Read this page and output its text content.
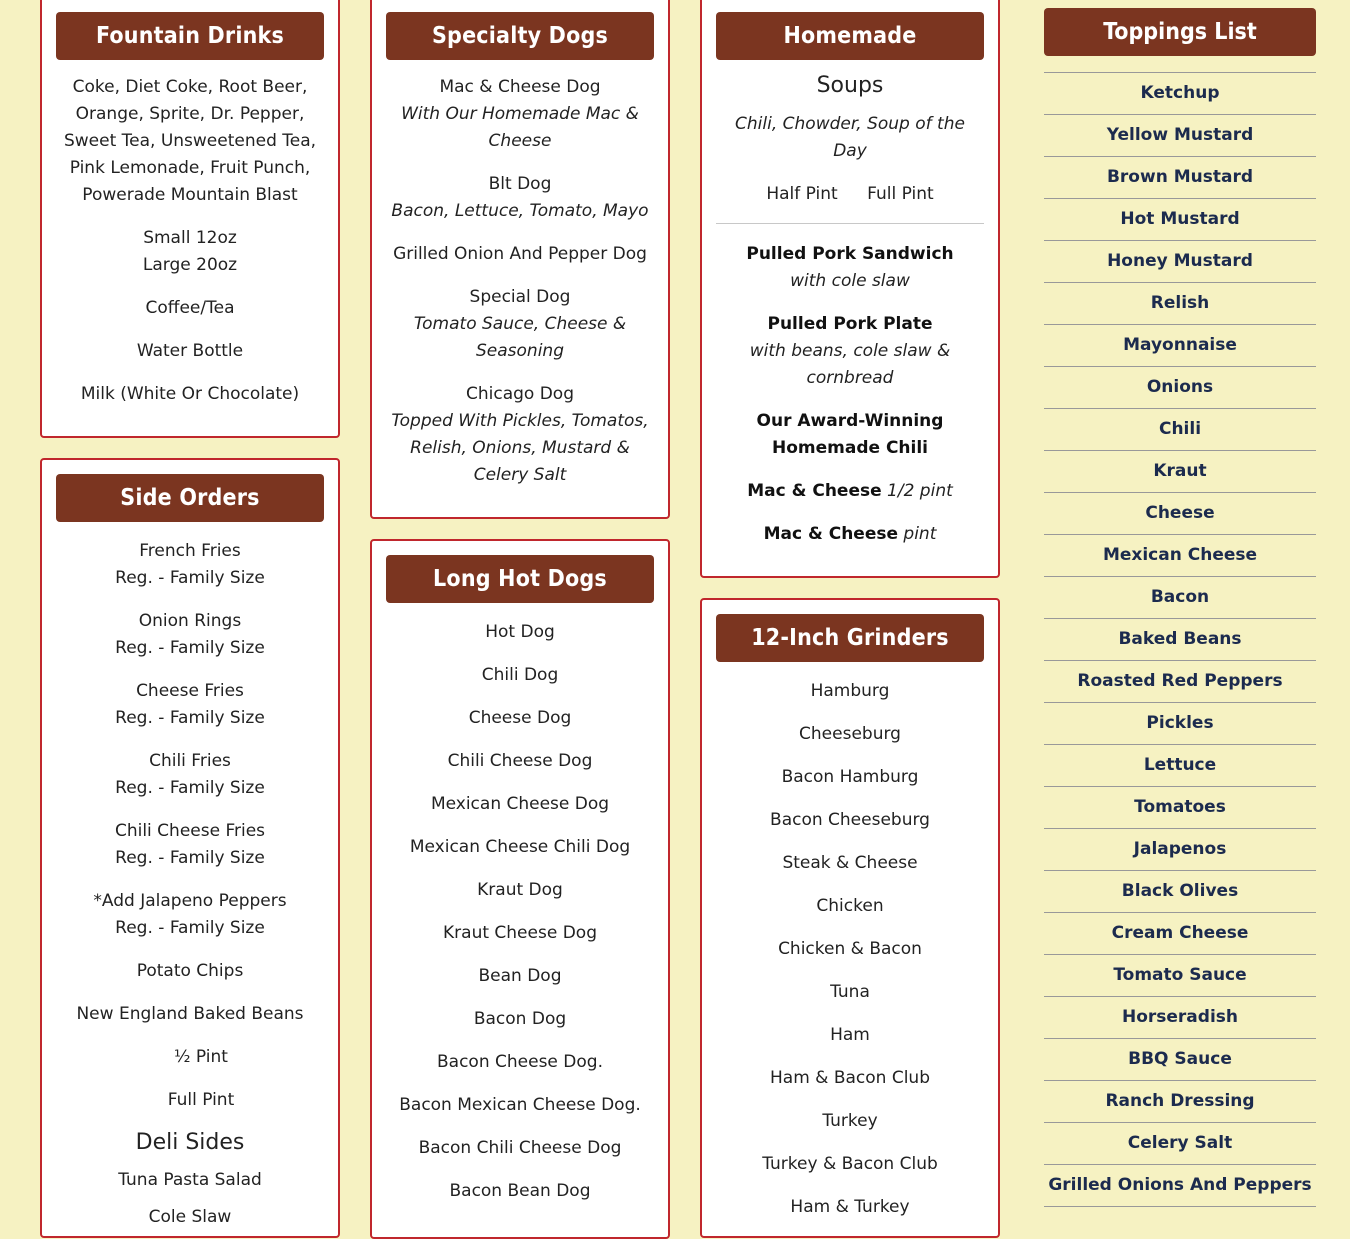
Fountain Drinks
Coke, Diet Coke, Root Beer,
Orange, Sprite, Dr. Pepper,
Sweet Tea, Unsweetened Tea,
Pink Lemonade, Fruit Punch,
Powerade Mountain Blast
Small 12oz
Large 20oz
Coffee/Tea
Water Bottle
Milk (White Or Chocolate)
Side Orders
French Fries
Reg. - Family Size
Onion Rings
Reg. - Family Size
Cheese Fries
Reg. - Family Size
Chili Fries
Reg. - Family Size
Chili Cheese Fries
Reg. - Family Size
*Add Jalapeno Peppers
Reg. - Family Size
Potato Chips
New England Baked Beans
½ Pint
Full Pint
Deli Sides
Tuna Pasta Salad
Cole Slaw
Specialty Dogs
Mac & Cheese Dog
With Our Homemade Mac &
Cheese
Blt Dog
Bacon, Lettuce, Tomato, Mayo
Grilled Onion And Pepper Dog
Special Dog
Tomato Sauce, Cheese &
Seasoning
Chicago Dog
Topped With Pickles, Tomatos,
Relish, Onions, Mustard &
Celery Salt
Long Hot Dogs
Hot Dog
Chili Dog
Cheese Dog
Chili Cheese Dog
Mexican Cheese Dog
Mexican Cheese Chili Dog
Kraut Dog
Kraut Cheese Dog
Bean Dog
Bacon Dog
Bacon Cheese Dog.
Bacon Mexican Cheese Dog.
Bacon Chili Cheese Dog
Bacon Bean Dog
Homemade
Soups
Chili, Chowder, Soup of the
Day
Half Pint Full Pint
Pulled Pork Sandwich
with cole slaw
Pulled Pork Plate
with beans, cole slaw &
cornbread
Our Award-Winning
Homemade Chili
Mac & Cheese 1/2 pint
Mac & Cheese pint
12-Inch Grinders
Hamburg
Cheeseburg
Bacon Hamburg
Bacon Cheeseburg
Steak & Cheese
Chicken
Chicken & Bacon
Tuna
Ham
Ham & Bacon Club
Turkey
Turkey & Bacon Club
Ham & Turkey
Toppings List
Ketchup
Yellow Mustard
Brown Mustard
Hot Mustard
Honey Mustard
Relish
Mayonnaise
Onions
Chili
Kraut
Cheese
Mexican Cheese
Bacon
Baked Beans
Roasted Red Peppers
Pickles
Lettuce
Tomatoes
Jalapenos
Black Olives
Cream Cheese
Tomato Sauce
Horseradish
BBQ Sauce
Ranch Dressing
Celery Salt
Grilled Onions And Peppers
